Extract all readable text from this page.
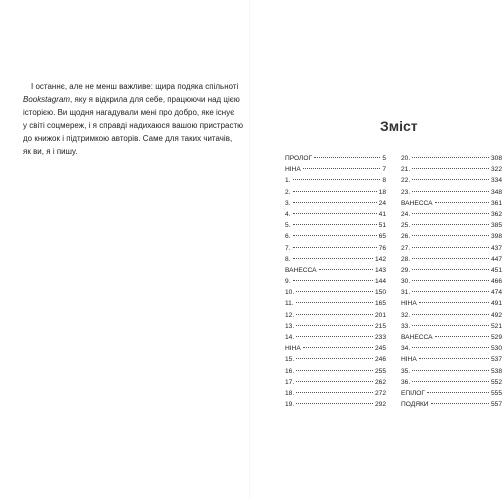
І останнє, але не менш важливе: щира подяка спільноті
Bookstagram, яку я відкрила для себе, працюючи над цією
історією. Ви щодня нагадували мені про добро, яке існує
у світі соцмереж, і я справді надихаюся вашою пристрастю
до книжок і підтримкою авторів. Саме для таких читачів,
як ви, я і пишу.

Зміст
ПРОЛОГ	5
НІНА	7
1.	8
2.	18
3.	24
4.	41
5.	51
6.	65
7.	76
8.	142
ВАНЕССА	143
9.	144
10.	150
11.	165
12.	201
13.	215
14.	233
НІНА	245
15.	246
16.	255
17.	262
18.	272
19.	292
20.	308
21.	322
22.	334
23.	348
ВАНЕССА	361
24.	362
25.	385
26.	398
27.	437
28.	447
29.	451
30.	466
31.	474
НІНА	491
32.	492
33.	521
ВАНЕССА	529
34.	530
НІНА	537
35.	538
36.	552
ЕПІЛОГ	555
ПОДЯКИ	557
